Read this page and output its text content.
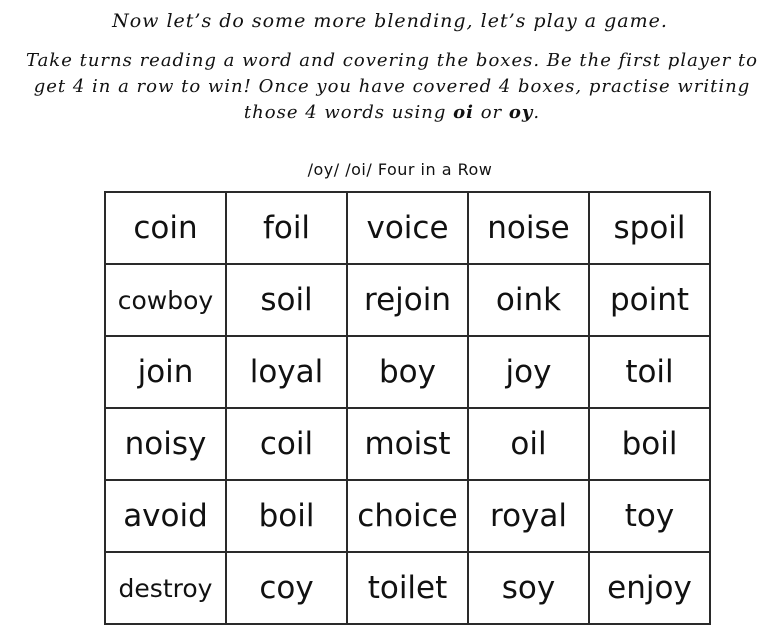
Now let’s do some more blending, let’s play a game.
Take turns reading a word and covering the boxes. Be the first player to get 4 in a row to win! Once you have covered 4 boxes, practise writing those 4 words using oi or oy.
/oy/ /oi/ Four in a Row
coin	foil	voice	noise	spoil
cowboy	soil	rejoin	oink	point
join	loyal	boy	joy	toil
noisy	coil	moist	oil	boil
avoid	boil	choice	royal	toy
destroy	coy	toilet	soy	enjoy
